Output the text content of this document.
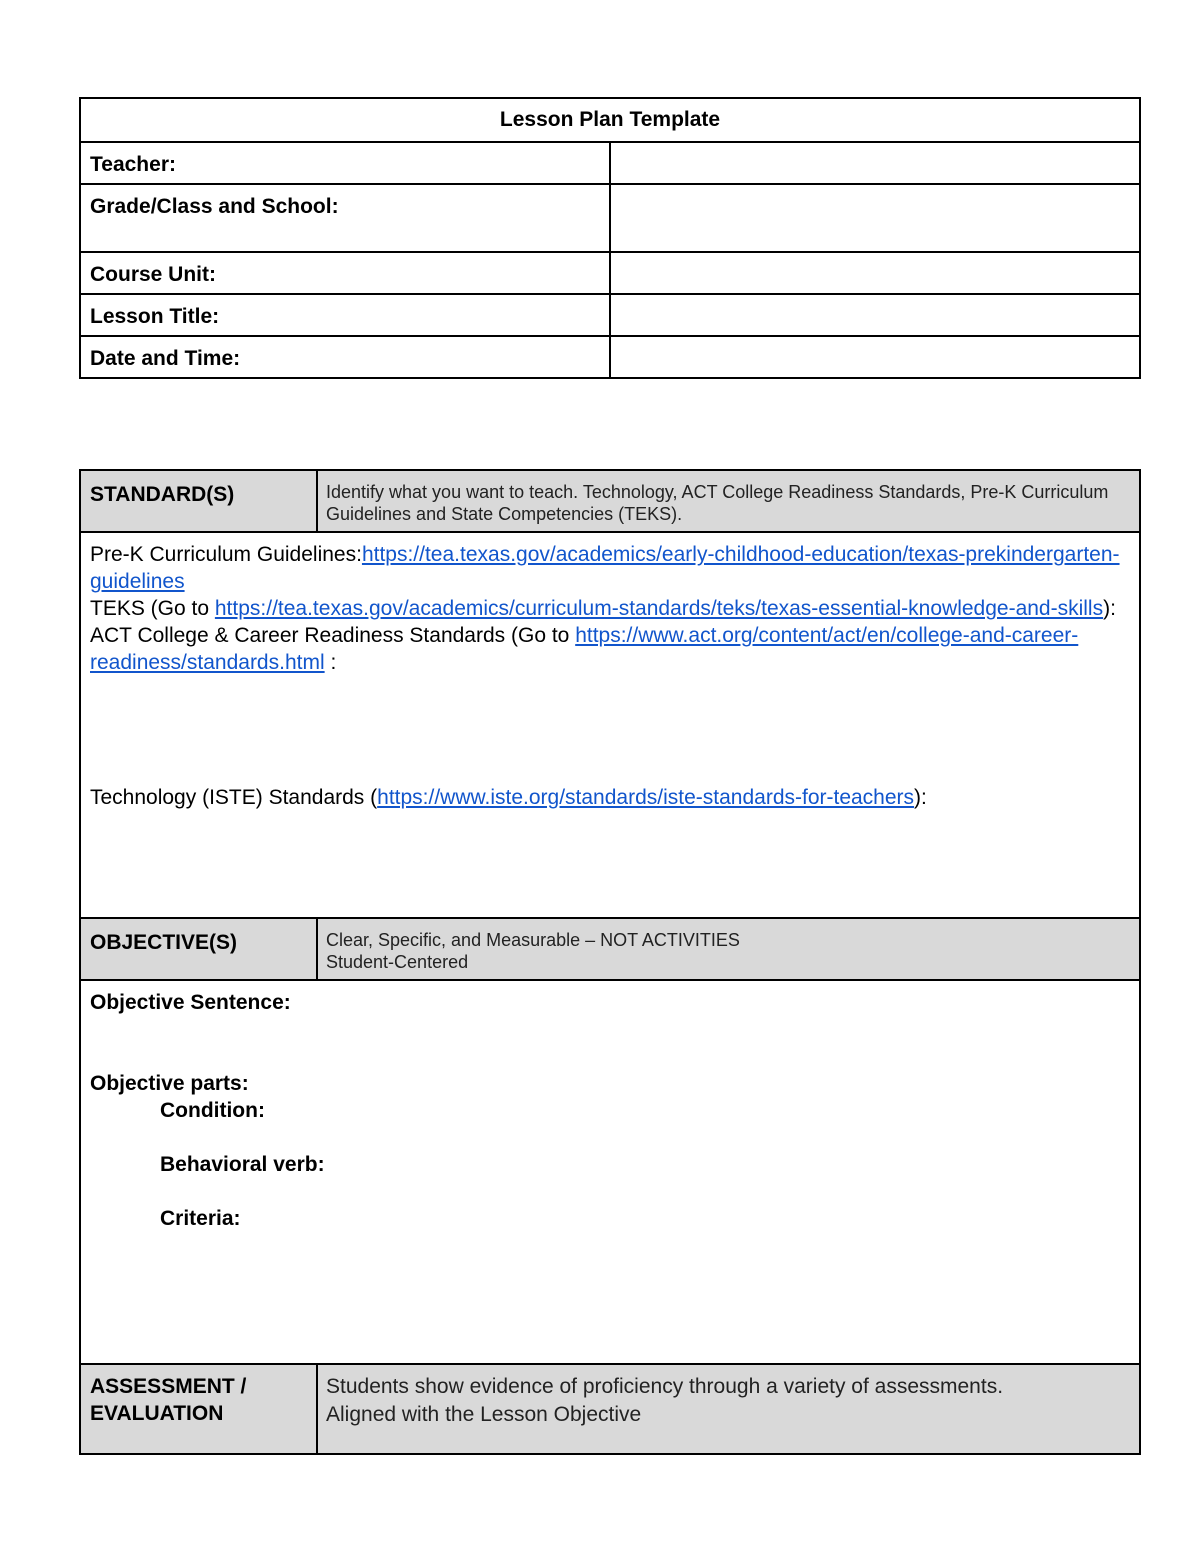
Lesson Plan Template	
Teacher:	
Grade/Class and School:	
Course Unit:	
Lesson Title:	
Date and Time:	
STANDARD(S)	Identify what you want to teach. Technology, ACT College Readiness Standards, Pre-K Curriculum Guidelines and State Competencies (TEKS).

Pre-K Curriculum Guidelines:https://tea.texas.gov/academics/early-childhood-education/texas-prekindergarten-guidelines
TEKS (Go to https://tea.texas.gov/academics/curriculum-standards/teks/texas-essential-knowledge-and-skills):
ACT College & Career Readiness Standards (Go to https://www.act.org/content/act/en/college-and-career-readiness/standards.html :
Technology (ISTE) Standards (https://www.iste.org/standards/iste-standards-for-teachers):	

OBJECTIVE(S)	Clear, Specific, and Measurable – NOT ACTIVITIES
Student-Centered

Objective Sentence:
Objective parts:
Condition:
Behavioral verb:
Criteria:	

ASSESSMENT / EVALUATION	Students show evidence of proficiency through a variety of assessments.
Aligned with the Lesson Objective
